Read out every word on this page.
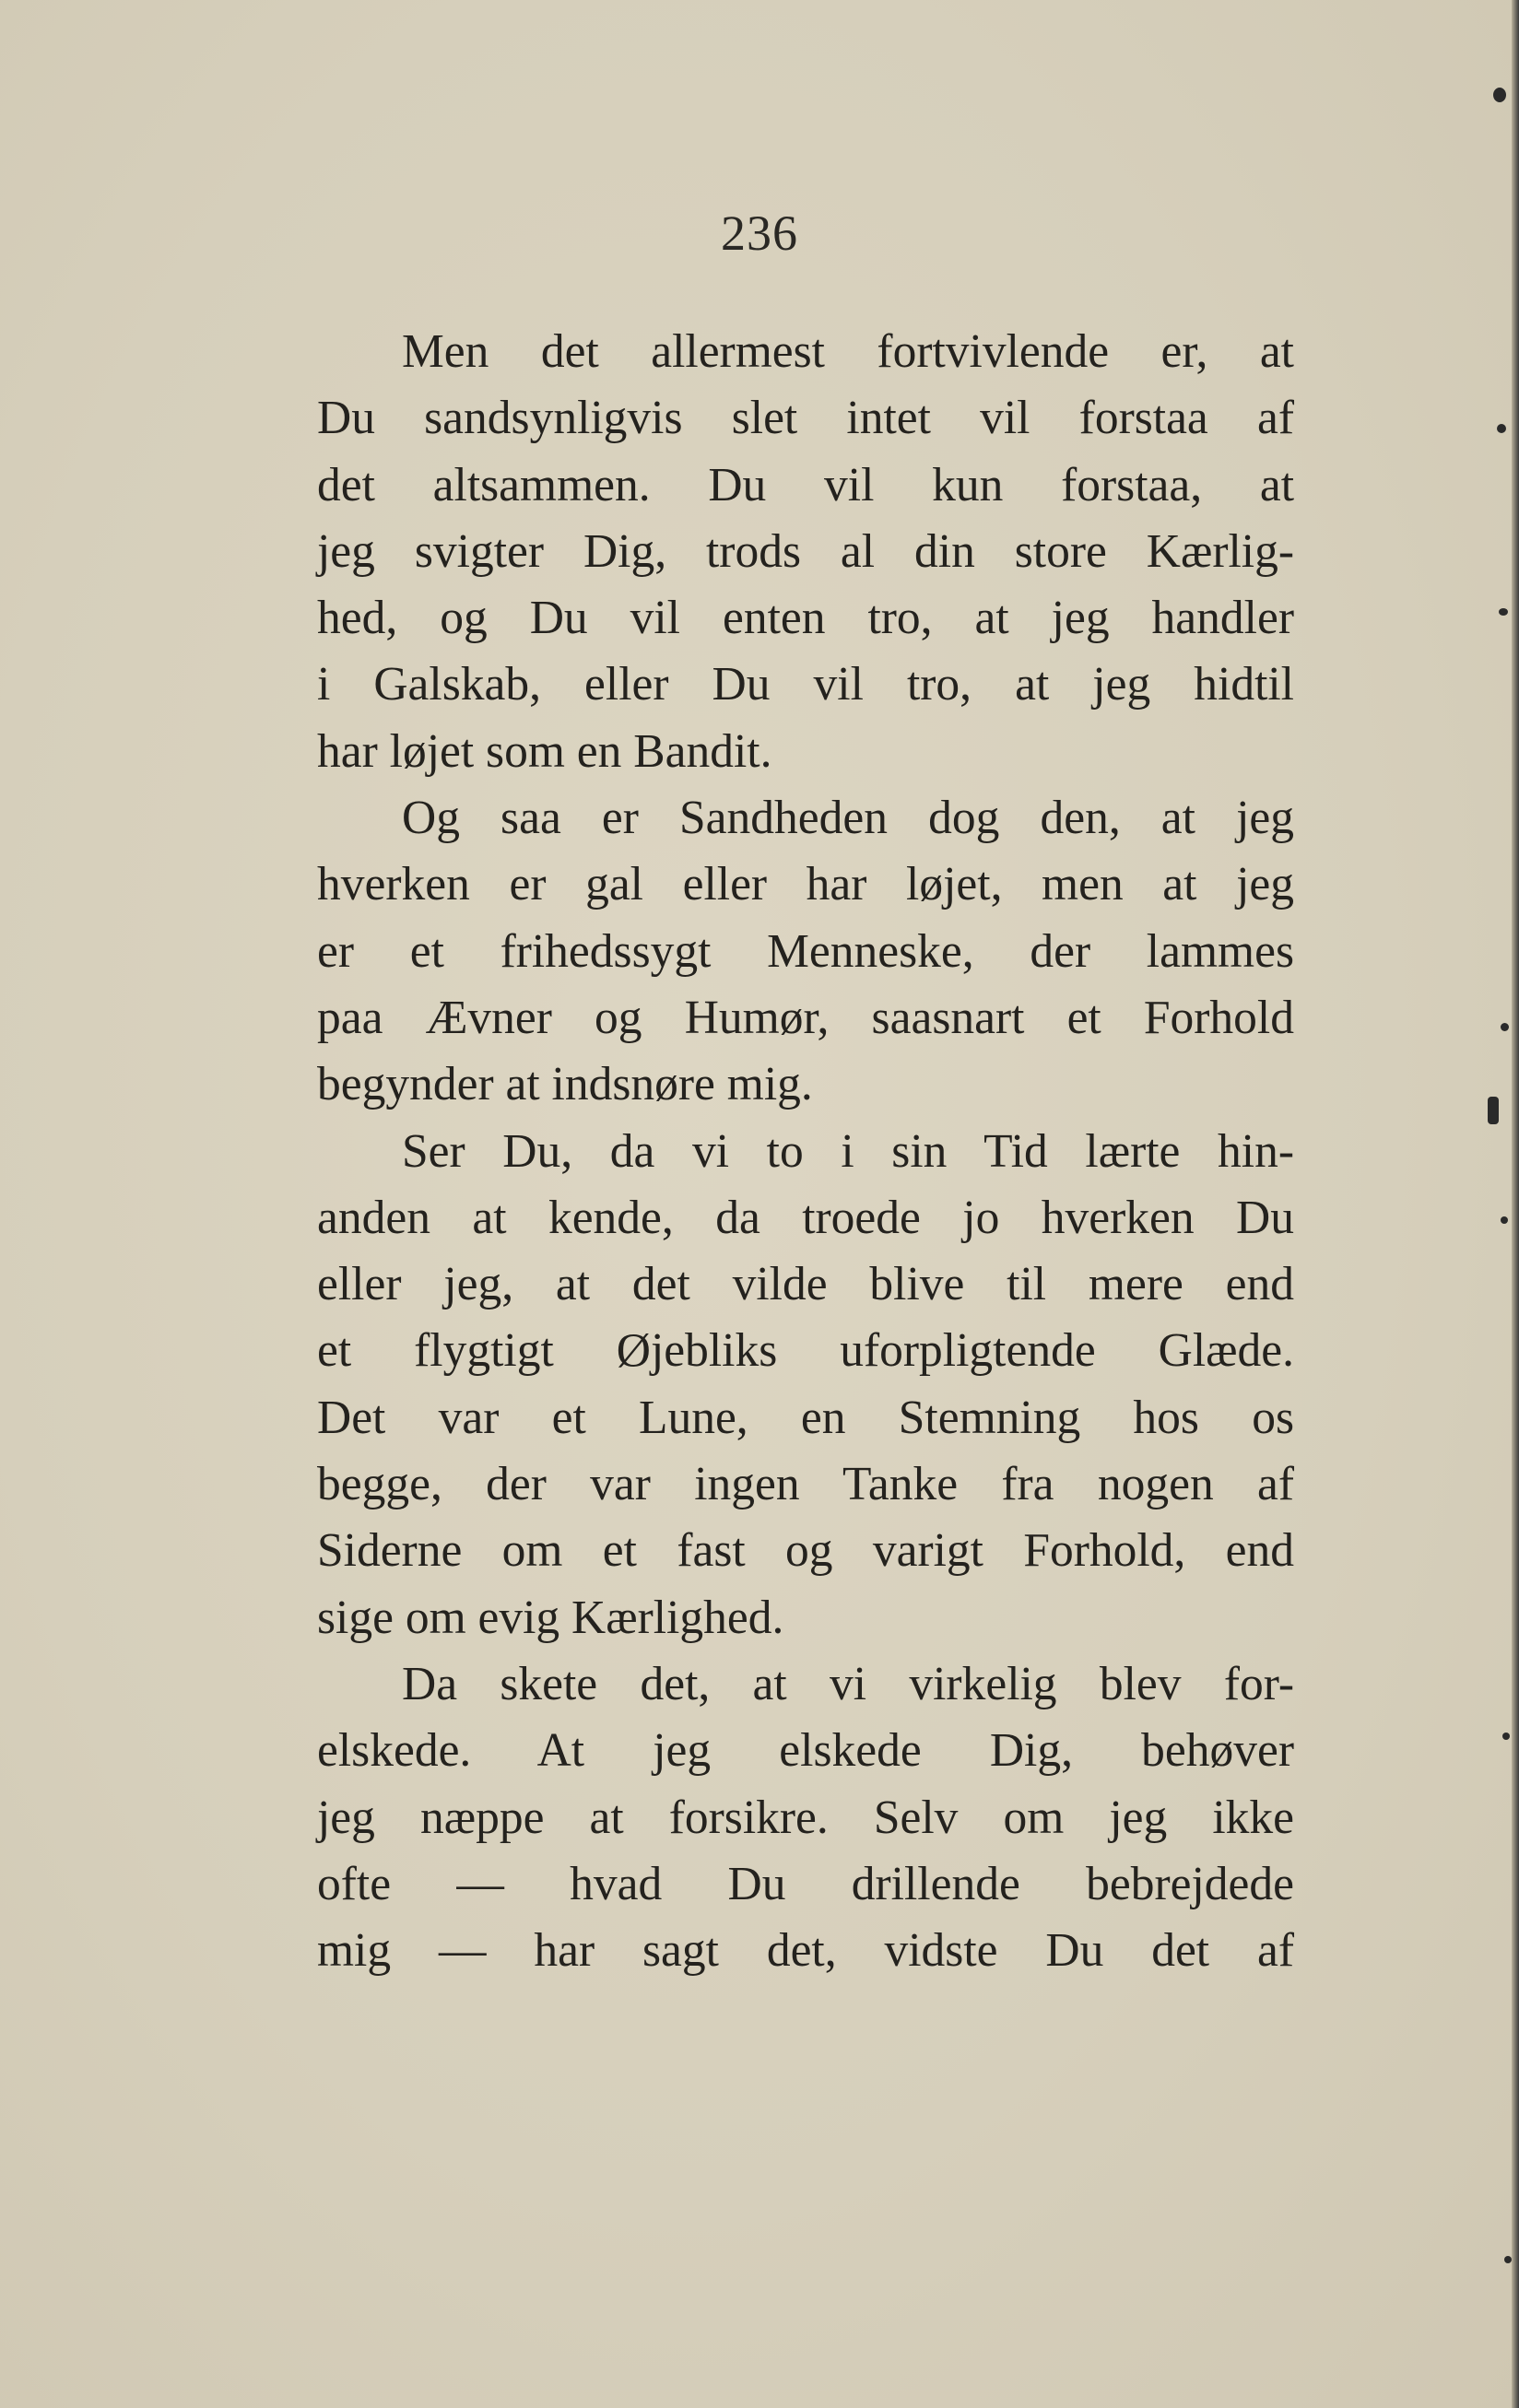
236
Men det allermest fortvivlende er, at
Du sandsynligvis slet intet vil forstaa af
det altsammen. Du vil kun forstaa, at
jeg svigter Dig, trods al din store Kærlig-
hed, og Du vil enten tro, at jeg handler
i Galskab, eller Du vil tro, at jeg hidtil
har løjet som en Bandit.
Og saa er Sandheden dog den, at jeg
hverken er gal eller har løjet, men at jeg
er et frihedssygt Menneske, der lammes
paa Ævner og Humør, saasnart et Forhold
begynder at indsnøre mig.
Ser Du, da vi to i sin Tid lærte hin-
anden at kende, da troede jo hverken Du
eller jeg, at det vilde blive til mere end
et flygtigt Øjebliks uforpligtende Glæde.
Det var et Lune, en Stemning hos os
begge, der var ingen Tanke fra nogen af
Siderne om et fast og varigt Forhold, end
sige om evig Kærlighed.
Da skete det, at vi virkelig blev for-
elskede. At jeg elskede Dig, behøver
jeg næppe at forsikre. Selv om jeg ikke
ofte — hvad Du drillende bebrejdede
mig — har sagt det, vidste Du det af
